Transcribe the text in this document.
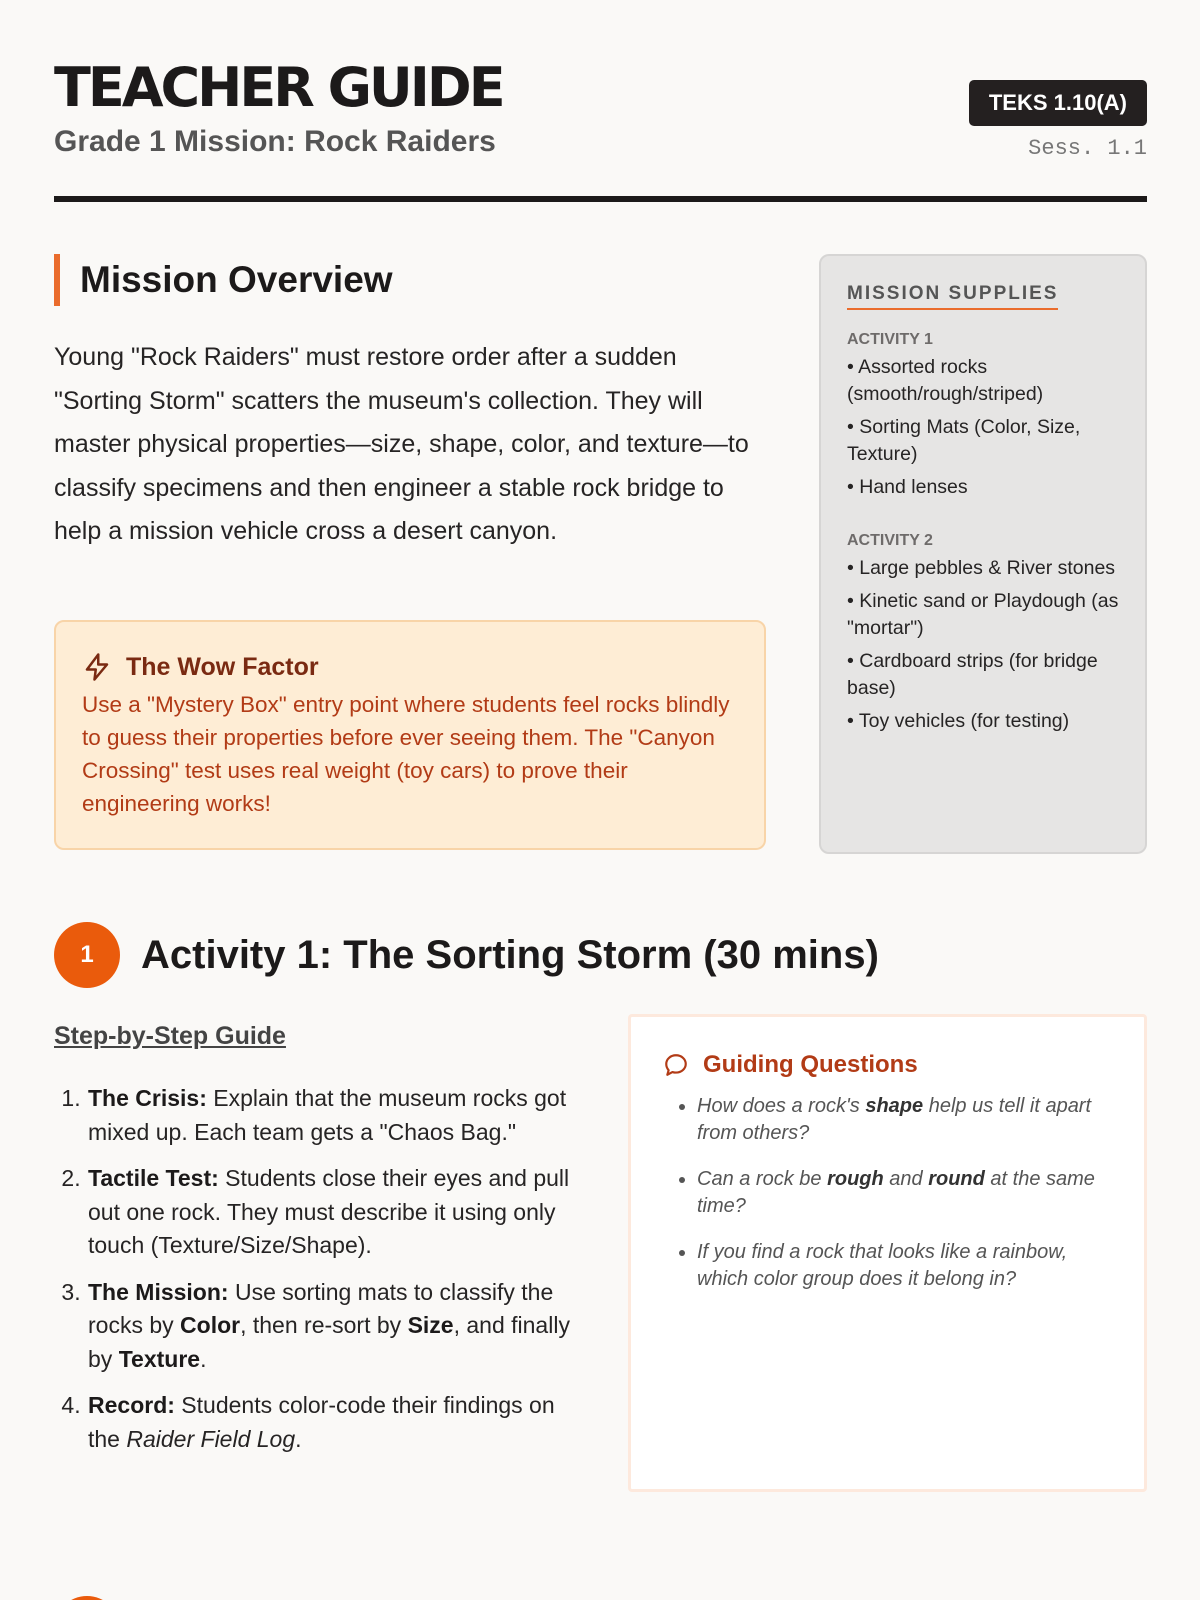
TEACHER GUIDE
Grade 1 Mission: Rock Raiders
TEKS 1.10(A)
Sess. 1.1
Mission Overview

Young "Rock Raiders" must restore order after a sudden "Sorting Storm" scatters the museum's collection. They will master physical properties—size, shape, color, and texture—to classify specimens and then engineer a stable rock bridge to help a mission vehicle cross a desert canyon.

The Wow Factor

Use a "Mystery Box" entry point where students feel rocks blindly to guess their properties before ever seeing them. The "Canyon Crossing" test uses real weight (toy cars) to prove their engineering works!

MISSION SUPPLIES
ACTIVITY 1
• Assorted rocks (smooth/rough/striped)
• Sorting Mats (Color, Size, Texture)
• Hand lenses
ACTIVITY 2
• Large pebbles & River stones
• Kinetic sand or Playdough (as "mortar")
• Cardboard strips (for bridge base)
• Toy vehicles (for testing)
1	Activity 1: The Sorting Storm (30 mins)
Step-by-Step Guide
1. The Crisis: Explain that the museum rocks got mixed up. Each team gets a "Chaos Bag."
2. Tactile Test: Students close their eyes and pull out one rock. They must describe it using only touch (Texture/Size/Shape).
3. The Mission: Use sorting mats to classify the rocks by Color, then re-sort by Size, and finally by Texture.
4. Record: Students color-code their findings on the Raider Field Log.
Guiding Questions
• How does a rock's shape help us tell it apart from others?
• Can a rock be rough and round at the same time?
• If you find a rock that looks like a rainbow, which color group does it belong in?
